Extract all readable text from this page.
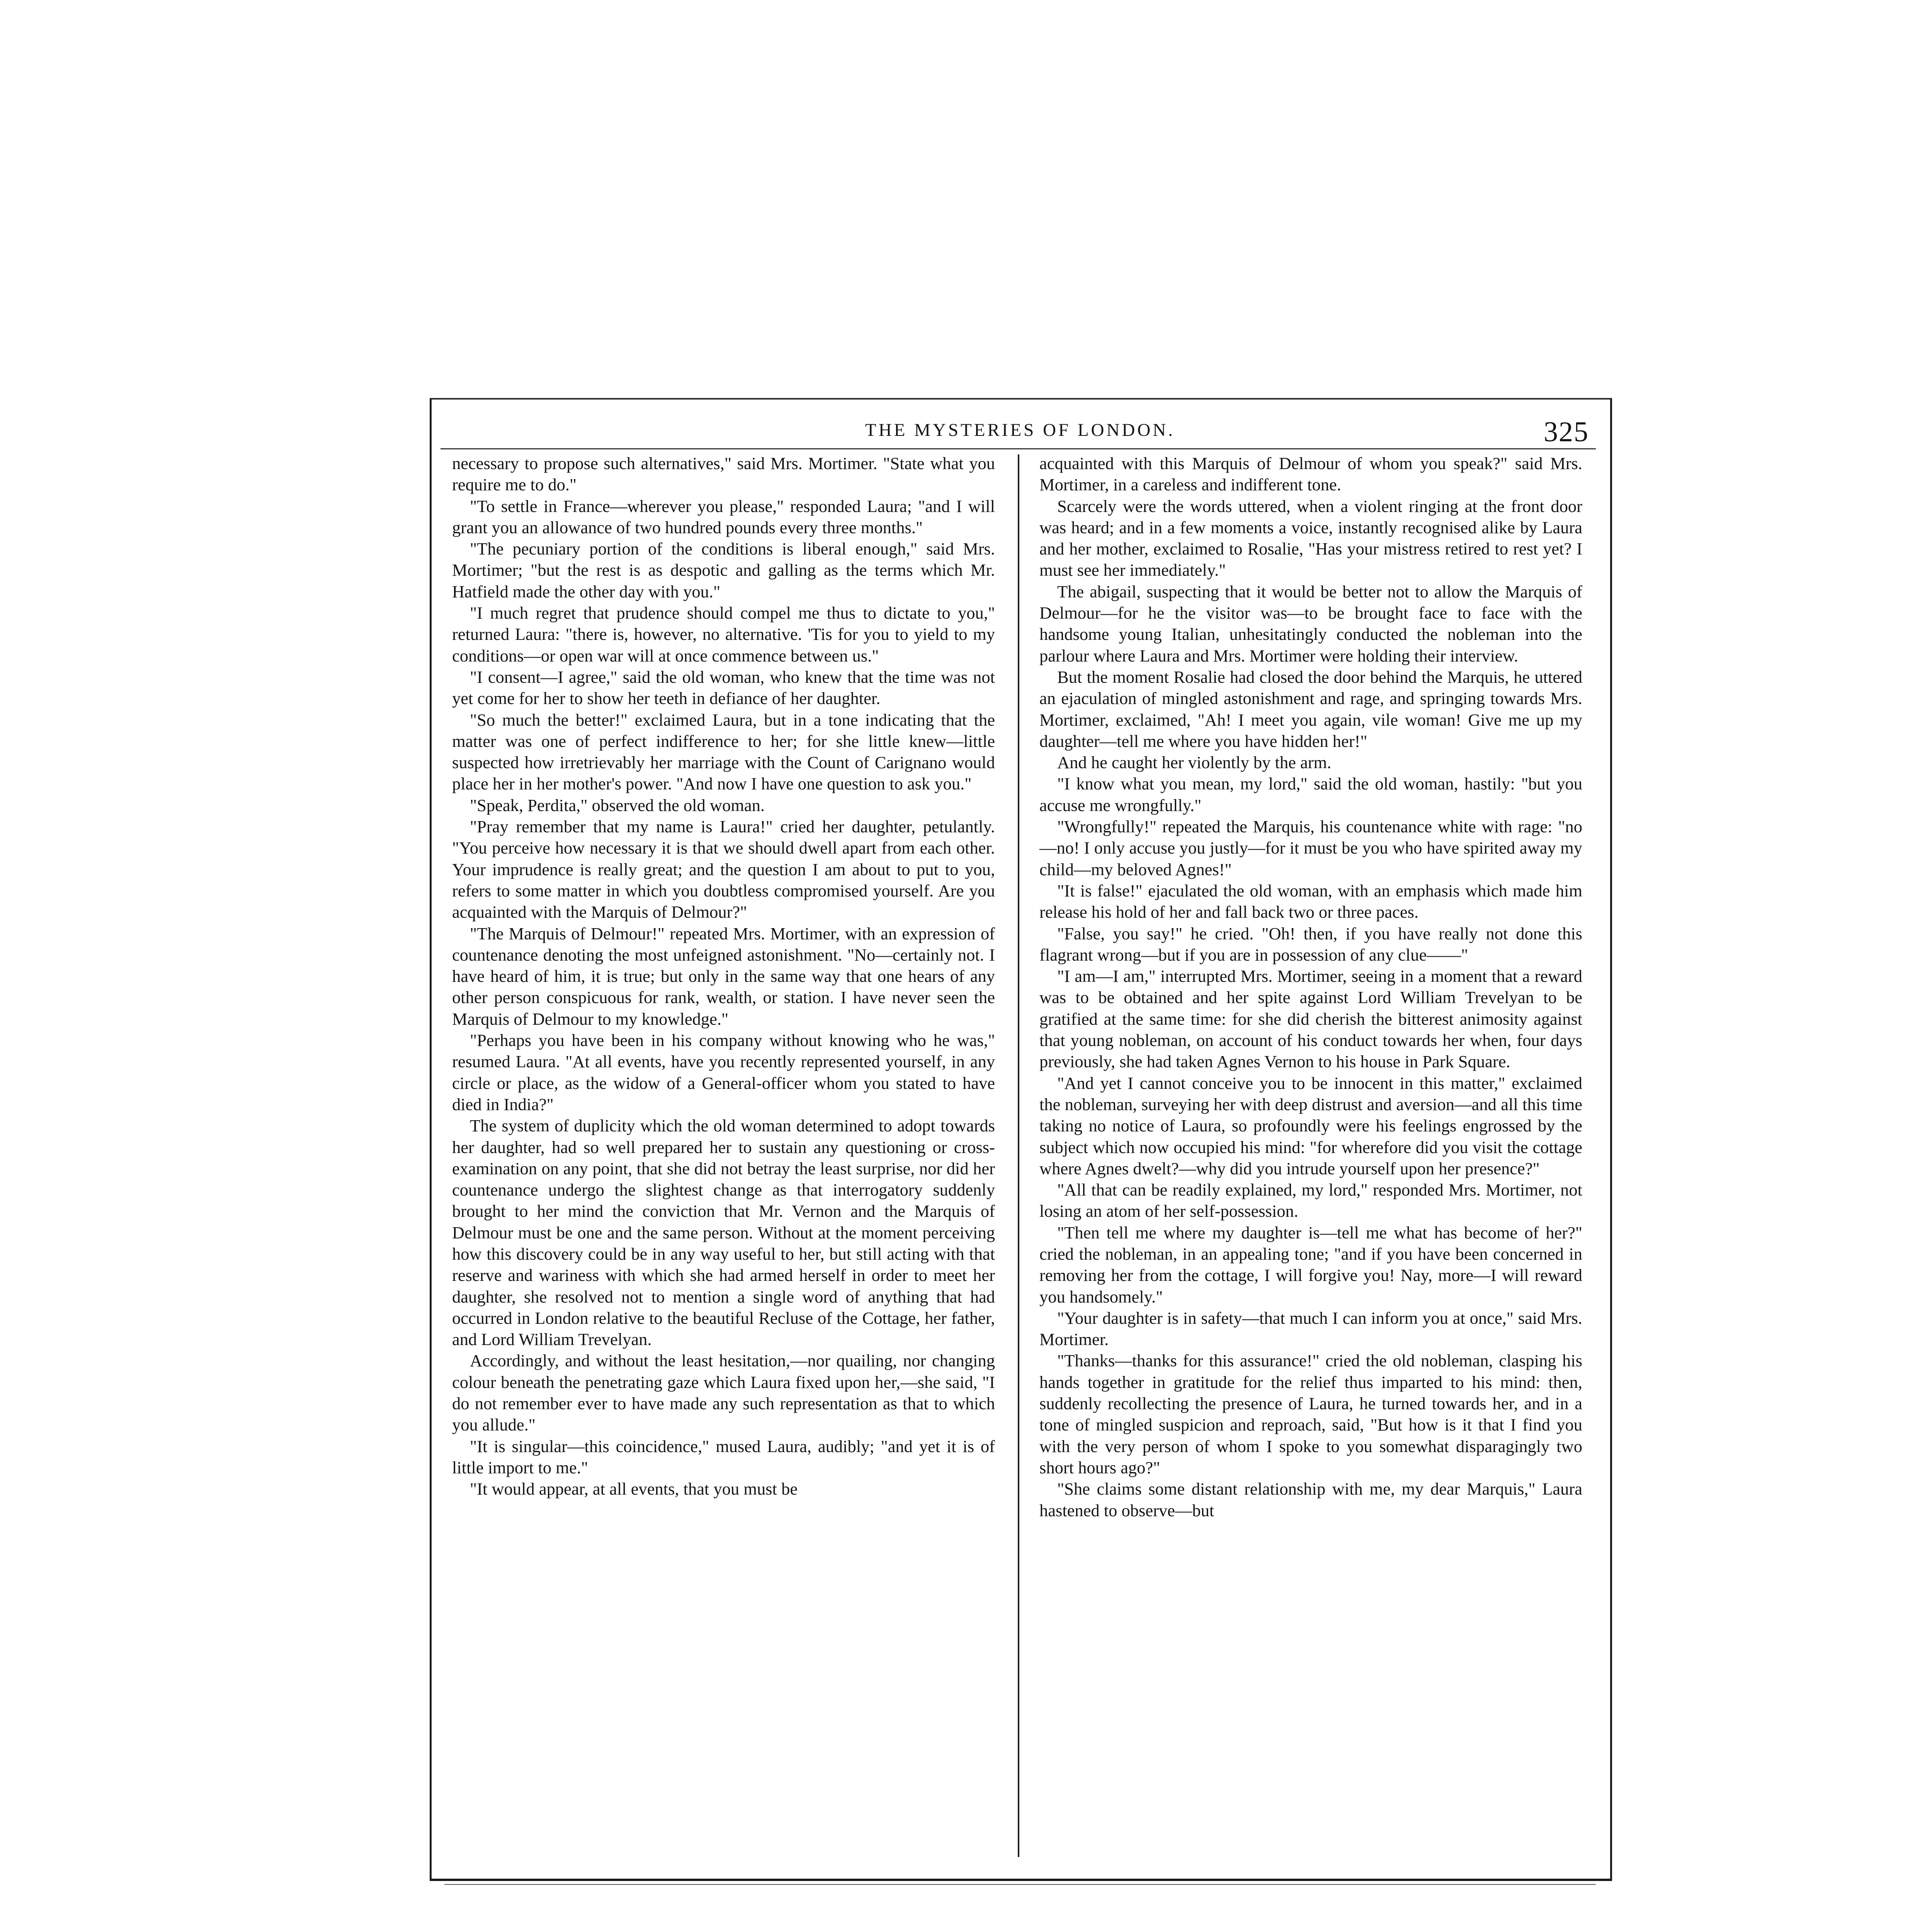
THE MYSTERIES OF LONDON.	325

necessary to propose such alternatives," said Mrs. Mortimer. "State what you require me to do."

"To settle in France—wherever you please," responded Laura; "and I will grant you an allowance of two hundred pounds every three months."

"The pecuniary portion of the conditions is liberal enough," said Mrs. Mortimer; "but the rest is as despotic and galling as the terms which Mr. Hatfield made the other day with you."

"I much regret that prudence should compel me thus to dictate to you," returned Laura: "there is, however, no alternative. 'Tis for you to yield to my conditions—or open war will at once commence between us."

"I consent—I agree," said the old woman, who knew that the time was not yet come for her to show her teeth in defiance of her daughter.

"So much the better!" exclaimed Laura, but in a tone indicating that the matter was one of perfect indifference to her; for she little knew—little suspected how irretrievably her marriage with the Count of Carignano would place her in her mother's power. "And now I have one question to ask you."

"Speak, Perdita," observed the old woman.

"Pray remember that my name is Laura!" cried her daughter, petulantly. "You perceive how necessary it is that we should dwell apart from each other. Your imprudence is really great; and the question I am about to put to you, refers to some matter in which you doubtless compromised yourself. Are you acquainted with the Marquis of Delmour?"

"The Marquis of Delmour!" repeated Mrs. Mortimer, with an expression of countenance denoting the most unfeigned astonishment. "No—certainly not. I have heard of him, it is true; but only in the same way that one hears of any other person conspicuous for rank, wealth, or station. I have never seen the Marquis of Delmour to my knowledge."

"Perhaps you have been in his company without knowing who he was," resumed Laura. "At all events, have you recently represented yourself, in any circle or place, as the widow of a General-officer whom you stated to have died in India?"

The system of duplicity which the old woman determined to adopt towards her daughter, had so well prepared her to sustain any questioning or cross-examination on any point, that she did not betray the least surprise, nor did her countenance undergo the slightest change as that interrogatory suddenly brought to her mind the conviction that Mr. Vernon and the Marquis of Delmour must be one and the same person. Without at the moment perceiving how this discovery could be in any way useful to her, but still acting with that reserve and wariness with which she had armed herself in order to meet her daughter, she resolved not to mention a single word of anything that had occurred in London relative to the beautiful Recluse of the Cottage, her father, and Lord William Trevelyan.

Accordingly, and without the least hesitation,—nor quailing, nor changing colour beneath the penetrating gaze which Laura fixed upon her,—she said, "I do not remember ever to have made any such representation as that to which you allude."

"It is singular—this coincidence," mused Laura, audibly; "and yet it is of little import to me."

"It would appear, at all events, that you must be

acquainted with this Marquis of Delmour of whom you speak?" said Mrs. Mortimer, in a careless and indifferent tone.

Scarcely were the words uttered, when a violent ringing at the front door was heard; and in a few moments a voice, instantly recognised alike by Laura and her mother, exclaimed to Rosalie, "Has your mistress retired to rest yet? I must see her immediately."

The abigail, suspecting that it would be better not to allow the Marquis of Delmour—for he the visitor was—to be brought face to face with the handsome young Italian, unhesitatingly conducted the nobleman into the parlour where Laura and Mrs. Mortimer were holding their interview.

But the moment Rosalie had closed the door behind the Marquis, he uttered an ejaculation of mingled astonishment and rage, and springing towards Mrs. Mortimer, exclaimed, "Ah! I meet you again, vile woman! Give me up my daughter—tell me where you have hidden her!"

And he caught her violently by the arm.

"I know what you mean, my lord," said the old woman, hastily: "but you accuse me wrongfully."

"Wrongfully!" repeated the Marquis, his countenance white with rage: "no—no! I only accuse you justly—for it must be you who have spirited away my child—my beloved Agnes!"

"It is false!" ejaculated the old woman, with an emphasis which made him release his hold of her and fall back two or three paces.

"False, you say!" he cried. "Oh! then, if you have really not done this flagrant wrong—but if you are in possession of any clue——"

"I am—I am," interrupted Mrs. Mortimer, seeing in a moment that a reward was to be obtained and her spite against Lord William Trevelyan to be gratified at the same time: for she did cherish the bitterest animosity against that young nobleman, on account of his conduct towards her when, four days previously, she had taken Agnes Vernon to his house in Park Square.

"And yet I cannot conceive you to be innocent in this matter," exclaimed the nobleman, surveying her with deep distrust and aversion—and all this time taking no notice of Laura, so profoundly were his feelings engrossed by the subject which now occupied his mind: "for wherefore did you visit the cottage where Agnes dwelt?—why did you intrude yourself upon her presence?"

"All that can be readily explained, my lord," responded Mrs. Mortimer, not losing an atom of her self-possession.

"Then tell me where my daughter is—tell me what has become of her?" cried the nobleman, in an appealing tone; "and if you have been concerned in removing her from the cottage, I will forgive you! Nay, more—I will reward you handsomely."

"Your daughter is in safety—that much I can inform you at once," said Mrs. Mortimer.

"Thanks—thanks for this assurance!" cried the old nobleman, clasping his hands together in gratitude for the relief thus imparted to his mind: then, suddenly recollecting the presence of Laura, he turned towards her, and in a tone of mingled suspicion and reproach, said, "But how is it that I find you with the very person of whom I spoke to you somewhat disparagingly two short hours ago?"

"She claims some distant relationship with me, my dear Marquis," Laura hastened to observe—but
